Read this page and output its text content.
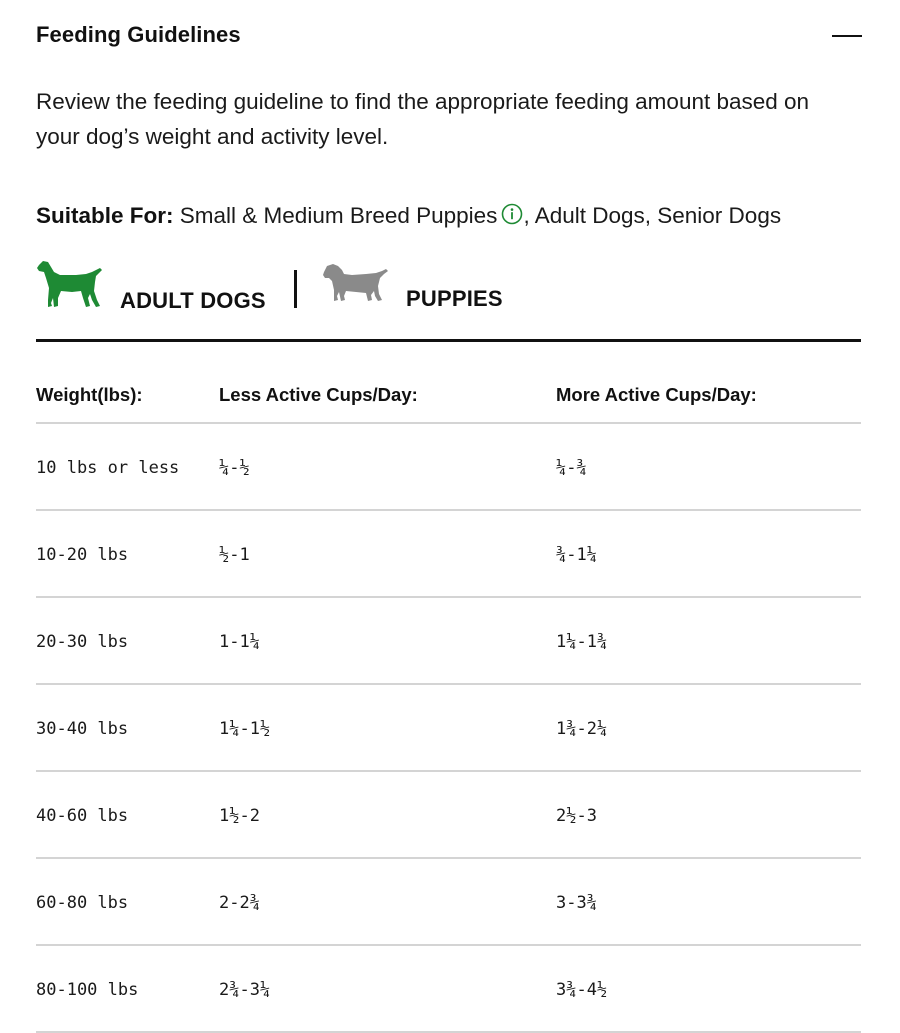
Feeding Guidelines
Review the feeding guideline to find the appropriate feeding amount based on your dog’s weight and activity level.
Suitable For: Small & Medium Breed Puppies , Adult Dogs, Senior Dogs
ADULT DOGS	PUPPIES
Weight(lbs):	Less Active Cups/Day:	More Active Cups/Day:
10 lbs or less ¼-½	¼-¾
10-20 lbs	½-1	¾-1¼
20-30 lbs	1-1¼	1¼-1¾
30-40 lbs	1¼-1½	1¾-2¼
40-60 lbs	1½-2	2½-3
60-80 lbs	2-2¾	3-3¾
80-100 lbs	2¾-3¼	3¾-4½
